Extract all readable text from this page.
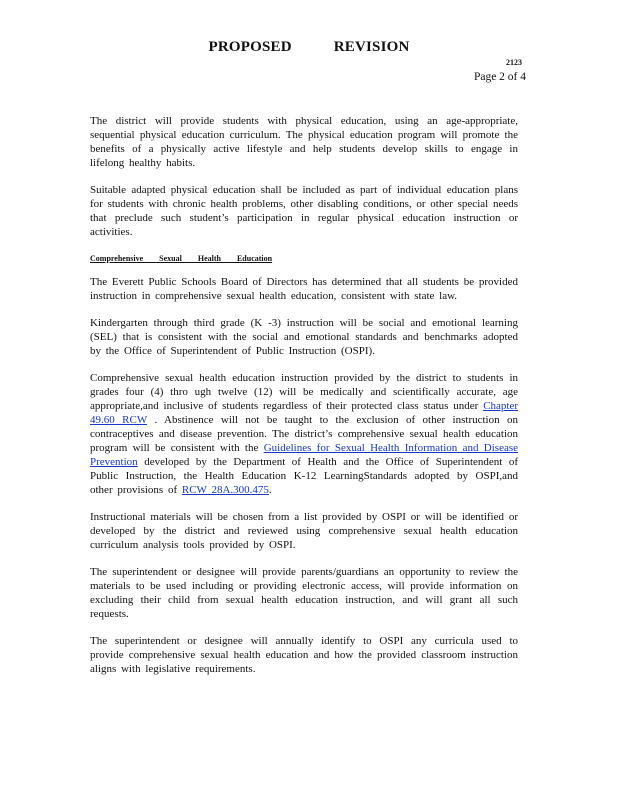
PROPOSED	REVISION
2123
Page 2 of 4

The district will provide students with physical education, using an age-appropriate, sequential physical education curriculum. The physical education program will promote the benefits of a physically active lifestyle and help students develop skills to engage in lifelong healthy habits.

Suitable adapted physical education shall be included as part of individual education plans for students with chronic health problems, other disabling conditions, or other special needs that preclude such student’s participation in regular physical education instruction or activities.

Comprehensive Sexual Health Education

The Everett Public Schools Board of Directors has determined that all students be provided instruction in comprehensive sexual health education, consistent with state law.

Kindergarten through third grade (K -3) instruction will be social and emotional learning (SEL) that is consistent with the social and emotional standards and benchmarks adopted by the Office of Superintendent of Public Instruction (OSPI).

Comprehensive sexual health education instruction provided by the district to students in grades four (4) thro ugh twelve (12) will be medically and scientifically accurate, age appropriate,and inclusive of students regardless of their protected class status under Chapter 49.60 RCW . Abstinence will not be taught to the exclusion of other instruction on contraceptives and disease prevention. The district’s comprehensive sexual health education program will be consistent with the Guidelines for Sexual Health Information and Disease Prevention developed by the Department of Health and the Office of Superintendent of Public Instruction, the Health Education K-12 LearningStandards adopted by OSPI,and other provisions of RCW 28A.300.475.

Instructional materials will be chosen from a list provided by OSPI or will be identified or developed by the district and reviewed using comprehensive sexual health education curriculum analysis tools provided by OSPI.

The superintendent or designee will provide parents/guardians an opportunity to review the materials to be used including or providing electronic access, will provide information on excluding their child from sexual health education instruction, and will grant all such requests.

The superintendent or designee will annually identify to OSPI any curricula used to provide comprehensive sexual health education and how the provided classroom instruction aligns with legislative requirements.
